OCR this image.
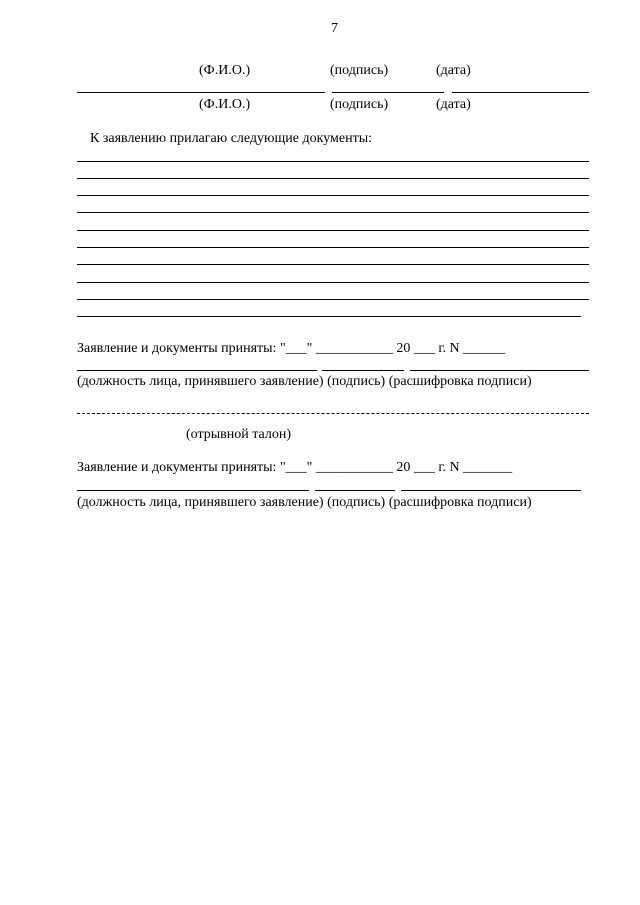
7
(Ф.И.О.)	(подпись)	(дата)
(Ф.И.О.)	(подпись)	(дата)
К заявлению прилагаю следующие документы:
Заявление и документы приняты: "___" ___________ 20 ___ г. N ______
(должность лица, принявшего заявление) (подпись) (расшифровка подписи)
(отрывной талон)
Заявление и документы приняты: "___" ___________ 20 ___ г. N _______
(должность лица, принявшего заявление) (подпись) (расшифровка подписи)
